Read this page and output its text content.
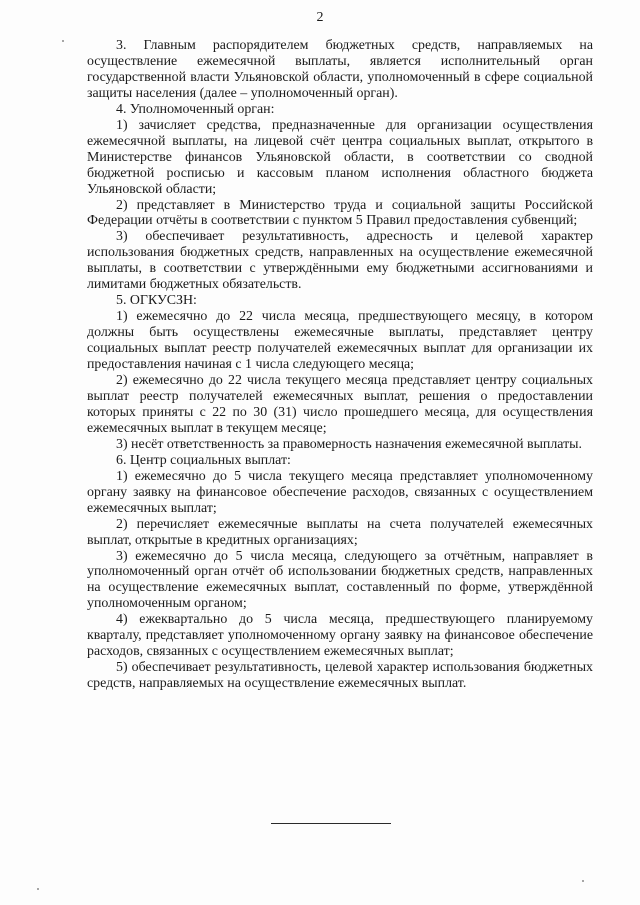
2

3. Главным распорядителем бюджетных средств, направляемых на осуществление ежемесячной выплаты, является исполнительный орган государственной власти Ульяновской области, уполномоченный в сфере социальной защиты населения (далее – уполномоченный орган).

4. Уполномоченный орган:

1) зачисляет средства, предназначенные для организации осуществления ежемесячной выплаты, на лицевой счёт центра социальных выплат, открытого в Министерстве финансов Ульяновской области, в соответствии со сводной бюджетной росписью и кассовым планом исполнения областного бюджета Ульяновской области;

2) представляет в Министерство труда и социальной защиты Российской Федерации отчёты в соответствии с пунктом 5 Правил предоставления субвенций;

3) обеспечивает результативность, адресность и целевой характер использования бюджетных средств, направленных на осуществление ежемесячной выплаты, в соответствии с утверждёнными ему бюджетными ассигнованиями и лимитами бюджетных обязательств.

5. ОГКУСЗН:

1) ежемесячно до 22 числа месяца, предшествующего месяцу, в котором должны быть осуществлены ежемесячные выплаты, представляет центру социальных выплат реестр получателей ежемесячных выплат для организации их предоставления начиная с 1 числа следующего месяца;

2) ежемесячно до 22 числа текущего месяца представляет центру социальных выплат реестр получателей ежемесячных выплат, решения о предоставлении которых приняты с 22 по 30 (31) число прошедшего месяца, для осуществления ежемесячных выплат в текущем месяце;

3) несёт ответственность за правомерность назначения ежемесячной выплаты.

6. Центр социальных выплат:

1) ежемесячно до 5 числа текущего месяца представляет уполномоченному органу заявку на финансовое обеспечение расходов, связанных с осуществлением ежемесячных выплат;

2) перечисляет ежемесячные выплаты на счета получателей ежемесячных выплат, открытые в кредитных организациях;

3) ежемесячно до 5 числа месяца, следующего за отчётным, направляет в уполномоченный орган отчёт об использовании бюджетных средств, направленных на осуществление ежемесячных выплат, составленный по форме, утверждённой уполномоченным органом;

4) ежеквартально до 5 числа месяца, предшествующего планируемому кварталу, представляет уполномоченному органу заявку на финансовое обеспечение расходов, связанных с осуществлением ежемесячных выплат;

5) обеспечивает результативность, целевой характер использования бюджетных средств, направляемых на осуществление ежемесячных выплат.
